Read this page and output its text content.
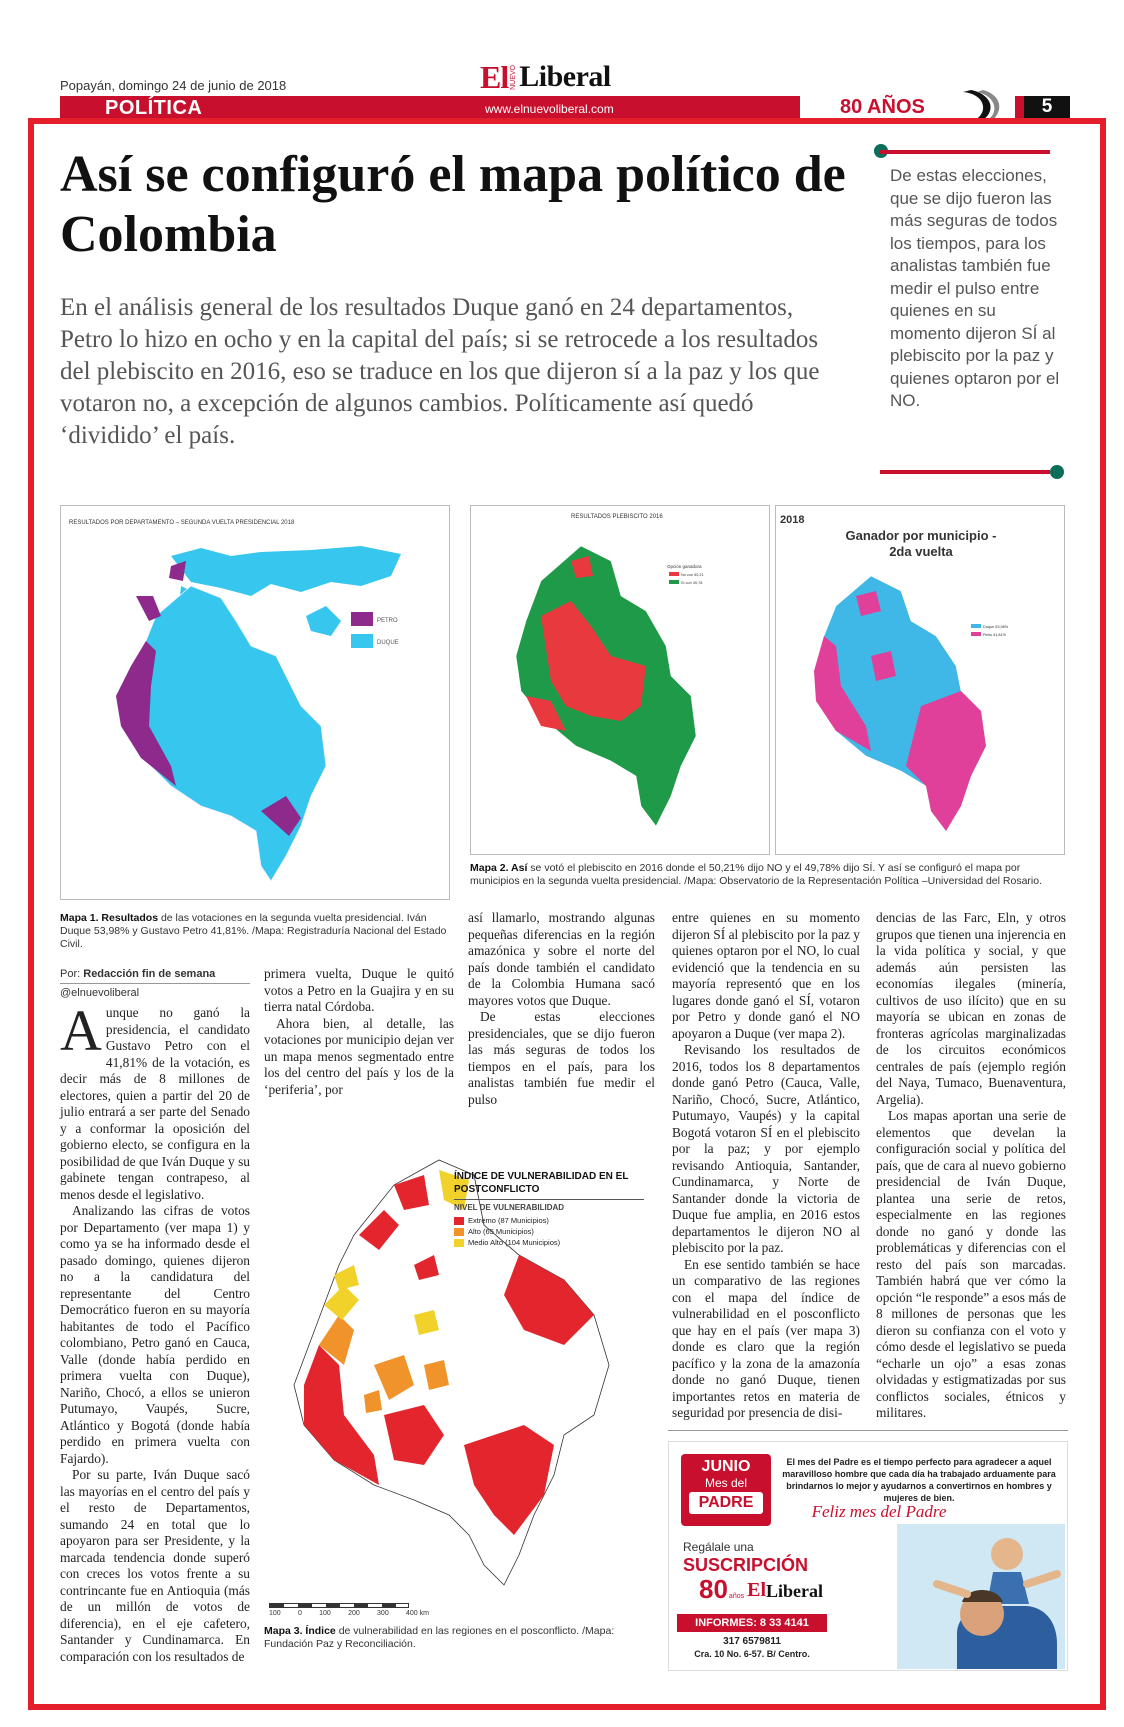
Popayán, domingo 24 de junio de 2018	El NUEVO Liberal
POLÍTICA	www.elnuevoliberal.com	80 AÑOS	5
Así se configuró el mapa político de Colombia
En el análisis general de los resultados Duque ganó en 24 departamentos, Petro lo hizo en ocho y en la capital del país; si se retrocede a los resultados del plebiscito en 2016, eso se traduce en los que dijeron sí a la paz y los que votaron no, a excepción de algunos cambios. Políticamente así quedó ‘dividido’ el país.
De estas elecciones, que se dijo fueron las más seguras de todos los tiempos, para los analistas también fue medir el pulso entre quienes en su momento dijeron SÍ al plebiscito por la paz y quienes optaron por el NO.
RESULTADOS POR DEPARTAMENTO – SEGUNDA VUELTA PRESIDENCIAL 2018
PETRO
DUQUE
Mapa 1. Resultados de las votaciones en la segunda vuelta presidencial. Iván Duque 53,98% y Gustavo Petro 41,81%. /Mapa: Registraduría Nacional del Estado Civil.
RESULTADOS PLEBISCITO 2016
Opción ganadora
No con 50,21
Sí con 49,78
2018
Ganador por municipio - 2da vuelta
Duque 53,98%
Petro 41,81%
Mapa 2. Así se votó el plebiscito en 2016 donde el 50,21% dijo NO y el 49,78% dijo SÍ. Y así se configuró el mapa por municipios en la segunda vuelta presidencial. /Mapa: Observatorio de la Representación Política –Universidad del Rosario.
Por: Redacción fin de semana
@elnuevoliberal
A unque no ganó la presidencia, el candidato Gustavo Petro con el 41,81% de la votación, es decir más de 8 millones de electores, quien a partir del 20 de julio entrará a ser parte del Senado y a conformar la oposición del gobierno electo, se configura en la posibilidad de que Iván Duque y su gabinete tengan contrapeso, al menos desde el legislativo.

Analizando las cifras de votos por Departamento (ver mapa 1) y como ya se ha informado desde el pasado domingo, quienes dijeron no a la candidatura del representante del Centro Democrático fueron en su mayoría habitantes de todo el Pacífico colombiano, Petro ganó en Cauca, Valle (donde había perdido en primera vuelta con Duque), Nariño, Chocó, a ellos se unieron Putumayo, Vaupés, Sucre, Atlántico y Bogotá (donde había perdido en primera vuelta con Fajardo).

Por su parte, Iván Duque sacó las mayorías en el centro del país y el resto de Departamentos, sumando 24 en total que lo apoyaron para ser Presidente, y la marcada tendencia donde superó con creces los votos frente a su contrincante fue en Antioquia (más de un millón de votos de diferencia), en el eje cafetero, Santander y Cundinamarca. En comparación con los resultados de

primera vuelta, Duque le quitó votos a Petro en la Guajira y en su tierra natal Córdoba.

Ahora bien, al detalle, las votaciones por municipio dejan ver un mapa menos segmentado entre los del centro del país y los de la ‘periferia’, por

así llamarlo, mostrando algunas pequeñas diferencias en la región amazónica y sobre el norte del país donde también el candidato de la Colombia Humana sacó mayores votos que Duque.

De estas elecciones presidenciales, que se dijo fueron las más seguras de todos los tiempos en el país, para los analistas también fue medir el pulso

ÍNDICE DE VULNERABILIDAD EN EL POSTCONFLICTO
NIVEL DE VULNERABILIDAD
Extremo (87 Municipios)
Alto (65 Municipios)
Medio Alto (104 Municipios)
100 0 100 200 300 400 km
Mapa 3. Índice de vulnerabilidad en las regiones en el posconflicto. /Mapa: Fundación Paz y Reconciliación.

entre quienes en su momento dijeron SÍ al plebiscito por la paz y quienes optaron por el NO, lo cual evidenció que la tendencia en su mayoría representó que en los lugares donde ganó el SÍ, votaron por Petro y donde ganó el NO apoyaron a Duque (ver mapa 2).

Revisando los resultados de 2016, todos los 8 departamentos donde ganó Petro (Cauca, Valle, Nariño, Chocó, Sucre, Atlántico, Putumayo, Vaupés) y la capital Bogotá votaron SÍ en el plebiscito por la paz; y por ejemplo revisando Antioquia, Santander, Cundinamarca, y Norte de Santander donde la victoria de Duque fue amplia, en 2016 estos departamentos le dijeron NO al plebiscito por la paz.

En ese sentido también se hace un comparativo de las regiones con el mapa del índice de vulnerabilidad en el posconflicto que hay en el país (ver mapa 3) donde es claro que la región pacífico y la zona de la amazonía donde no ganó Duque, tienen importantes retos en materia de seguridad por presencia de disi-

dencias de las Farc, Eln, y otros grupos que tienen una injerencia en la vida política y social, y que además aún persisten las economías ilegales (minería, cultivos de uso ilícito) que en su mayoría se ubican en zonas de fronteras agrícolas marginalizadas de los circuitos económicos centrales de país (ejemplo región del Naya, Tumaco, Buenaventura, Argelia).

Los mapas aportan una serie de elementos que develan la configuración social y política del país, que de cara al nuevo gobierno presidencial de Iván Duque, plantea una serie de retos, especialmente en las regiones donde no ganó y donde las problemáticas y diferencias con el resto del país son marcadas. También habrá que ver cómo la opción “le responde” a esos más de 8 millones de personas que les dieron su confianza con el voto y cómo desde el legislativo se pueda “echarle un ojo” a esas zonas olvidadas y estigmatizadas por sus conflictos sociales, étnicos y militares.

JUNIO
Mes del
PADRE
El mes del Padre es el tiempo perfecto para agradecer a aquel maravilloso hombre que cada día ha trabajado arduamente para brindarnos lo mejor y ayudarnos a convertirnos en hombres y mujeres de bien.
Feliz mes del Padre
Regálale una
SUSCRIPCIÓN
80 años El Liberal
INFORMES: 8 33 4141
317 6579811
Cra. 10 No. 6-57. B/ Centro.
